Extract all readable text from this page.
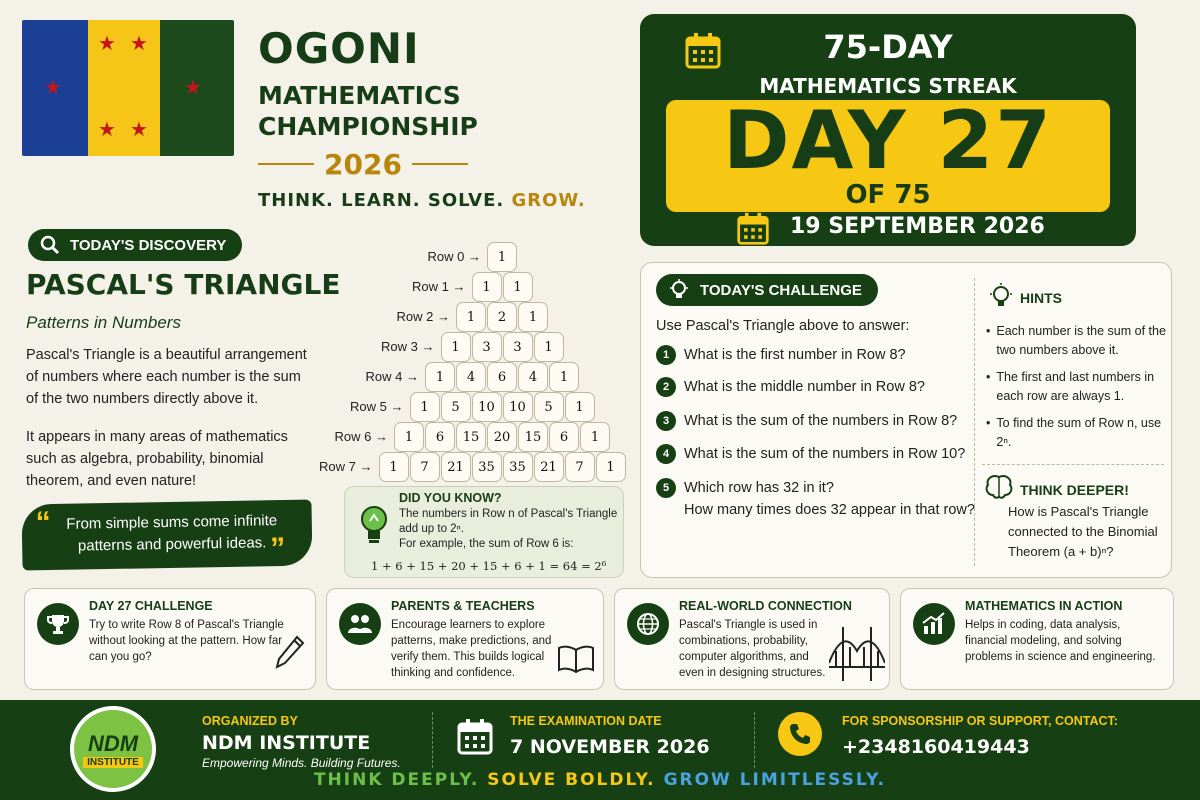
★
★ ★
★ ★
★
OGONI
MATHEMATICS
CHAMPIONSHIP
2026
THINK. LEARN. SOLVE. GROW.
75-DAY
MATHEMATICS STREAK
DAY 27
OF 75
19 SEPTEMBER 2026
TODAY'S DISCOVERY
PASCAL'S TRIANGLE
Patterns in Numbers
Pascal's Triangle is a beautiful arrangement of numbers where each number is the sum of the two numbers directly above it.
It appears in many areas of mathematics such as algebra, probability, binomial theorem, and even nature!
“	From simple sums come infinite patterns and powerful ideas. ”
Row 0 →	1
Row 1 →	1	1
Row 2 →	1	2	1
Row 3 →	1	3	3	1
Row 4 →	1	4	6	4	1
Row 5 →	1	5	10	10	5	1
Row 6 →	1	6	15	20	15	6	1
Row 7 →	1	7	21	35	35	21	7	1
DID YOU KNOW?
The numbers in Row n of Pascal's Triangle add up to 2ⁿ.
For example, the sum of Row 6 is:
1 + 6 + 15 + 20 + 15 + 6 + 1 = 64 = 2⁶
TODAY'S CHALLENGE
Use Pascal's Triangle above to answer:
1	What is the first number in Row 8?
2	What is the middle number in Row 8?
3	What is the sum of the numbers in Row 8?
4	What is the sum of the numbers in Row 10?
5	Which row has 32 in it?
How many times does 32 appear in that row?
HINTS
• Each number is the sum of the two numbers above it.
• The first and last numbers in each row are always 1.
• To find the sum of Row n, use 2ⁿ.
THINK DEEPER!
How is Pascal's Triangle connected to the Binomial Theorem (a + b)ⁿ?
DAY 27 CHALLENGE
Try to write Row 8 of Pascal's Triangle without looking at the pattern. How far can you go?
PARENTS & TEACHERS
Encourage learners to explore patterns, make predictions, and verify them. This builds logical thinking and confidence.
REAL-WORLD CONNECTION
Pascal's Triangle is used in combinations, probability, computer algorithms, and even in designing structures.
MATHEMATICS IN ACTION
Helps in coding, data analysis, financial modeling, and solving problems in science and engineering.
NDM
INSTITUTE
ORGANIZED BY
NDM INSTITUTE
Empowering Minds. Building Futures.
THE EXAMINATION DATE
7 NOVEMBER 2026
FOR SPONSORSHIP OR SUPPORT, CONTACT:
+2348160419443
THINK DEEPLY. SOLVE BOLDLY. GROW LIMITLESSLY.
